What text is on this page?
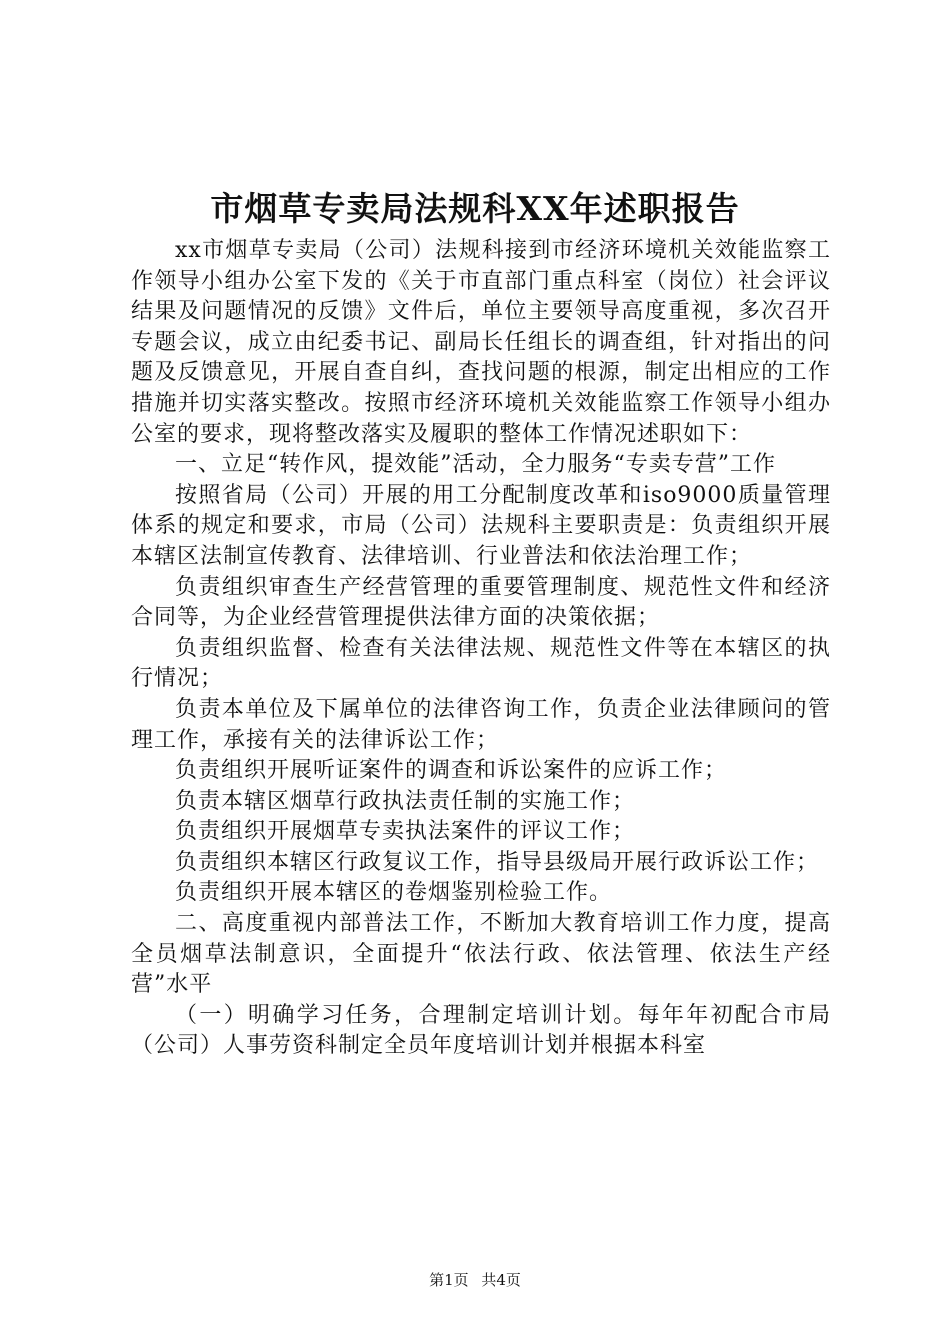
市烟草专卖局法规科XX年述职报告

xx市烟草专卖局（公司）法规科接到市经济环境机关效能监察工作领导小组办公室下发的《关于市直部门重点科室（岗位）社会评议结果及问题情况的反馈》文件后，单位主要领导高度重视，多次召开专题会议，成立由纪委书记、副局长任组长的调查组，针对指出的问题及反馈意见，开展自查自纠，查找问题的根源，制定出相应的工作措施并切实落实整改。按照市经济环境机关效能监察工作领导小组办公室的要求，现将整改落实及履职的整体工作情况述职如下：

一、立足“转作风，提效能”活动，全力服务“专卖专营”工作

按照省局（公司）开展的用工分配制度改革和iso9000质量管理体系的规定和要求，市局（公司）法规科主要职责是：负责组织开展本辖区法制宣传教育、法律培训、行业普法和依法治理工作；

负责组织审查生产经营管理的重要管理制度、规范性文件和经济合同等，为企业经营管理提供法律方面的决策依据；

负责组织监督、检查有关法律法规、规范性文件等在本辖区的执行情况；

负责本单位及下属单位的法律咨询工作，负责企业法律顾问的管理工作，承接有关的法律诉讼工作；

负责组织开展听证案件的调查和诉讼案件的应诉工作；

负责本辖区烟草行政执法责任制的实施工作；

负责组织开展烟草专卖执法案件的评议工作；

负责组织本辖区行政复议工作，指导县级局开展行政诉讼工作；

负责组织开展本辖区的卷烟鉴别检验工作。

二、高度重视内部普法工作，不断加大教育培训工作力度，提高全员烟草法制意识，全面提升“依法行政、依法管理、依法生产经营”水平

（一）明确学习任务，合理制定培训计划。每年年初配合市局（公司）人事劳资科制定全员年度培训计划并根据本科室

第1页 共4页
